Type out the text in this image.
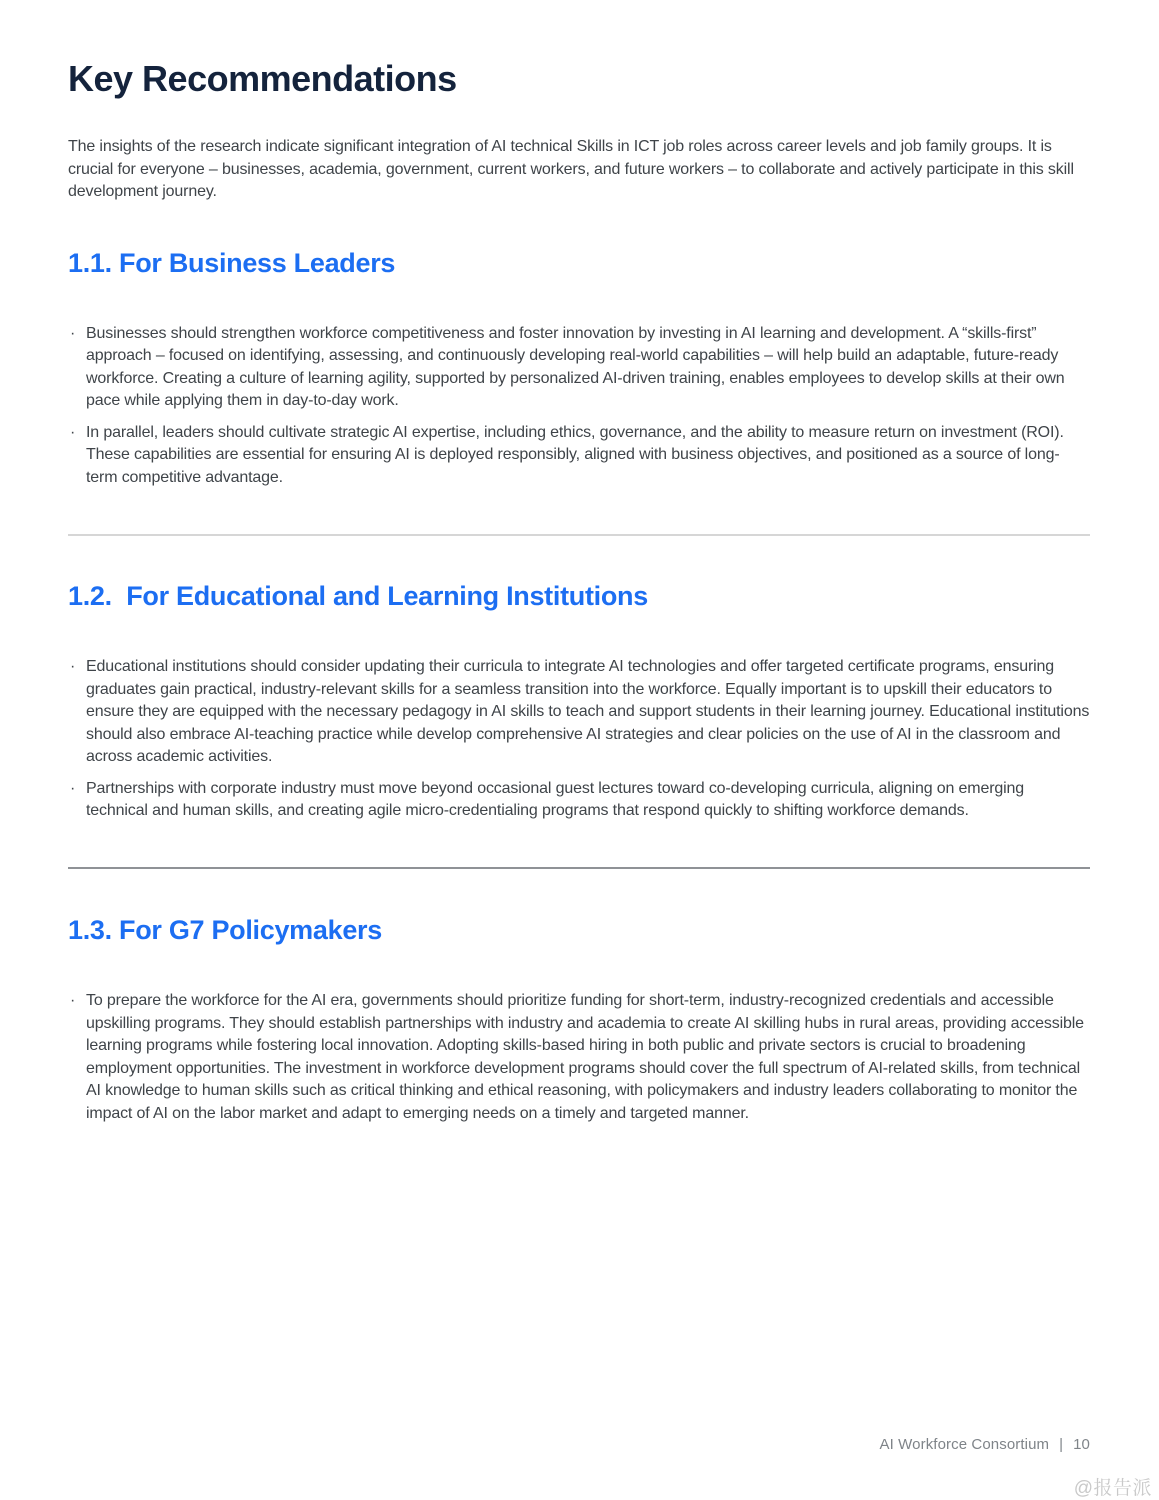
Key Recommendations

The insights of the research indicate significant integration of AI technical Skills in ICT job roles across career levels and job family groups. It is crucial for everyone – businesses, academia, government, current workers, and future workers – to collaborate and actively participate in this skill development journey.

1.1. For Business Leaders
· Businesses should strengthen workforce competitiveness and foster innovation by investing in AI learning and development. A “skills-first” approach – focused on identifying, assessing, and continuously developing real-world capabilities – will help build an adaptable, future-ready workforce. Creating a culture of learning agility, supported by personalized AI-driven training, enables employees to develop skills at their own pace while applying them in day-to-day work.
· In parallel, leaders should cultivate strategic AI expertise, including ethics, governance, and the ability to measure return on investment (ROI). These capabilities are essential for ensuring AI is deployed responsibly, aligned with business objectives, and positioned as a source of long-term competitive advantage.
1.2.  For Educational and Learning Institutions
· Educational institutions should consider updating their curricula to integrate AI technologies and offer targeted certificate programs, ensuring graduates gain practical, industry-relevant skills for a seamless transition into the workforce. Equally important is to upskill their educators to ensure they are equipped with the necessary pedagogy in AI skills to teach and support students in their learning journey. Educational institutions should also embrace AI-teaching practice while develop comprehensive AI strategies and clear policies on the use of AI in the classroom and across academic activities.
· Partnerships with corporate industry must move beyond occasional guest lectures toward co-developing curricula, aligning on emerging technical and human skills, and creating agile micro-credentialing programs that respond quickly to shifting workforce demands.
1.3. For G7 Policymakers
· To prepare the workforce for the AI era, governments should prioritize funding for short-term, industry-recognized credentials and accessible upskilling programs. They should establish partnerships with industry and academia to create AI skilling hubs in rural areas, providing accessible learning programs while fostering local innovation. Adopting skills-based hiring in both public and private sectors is crucial to broadening employment opportunities. The investment in workforce development programs should cover the full spectrum of AI-related skills, from technical AI knowledge to human skills such as critical thinking and ethical reasoning, with policymakers and industry leaders collaborating to monitor the impact of AI on the labor market and adapt to emerging needs on a timely and targeted manner.
AI Workforce Consortium | 10
@报告派
